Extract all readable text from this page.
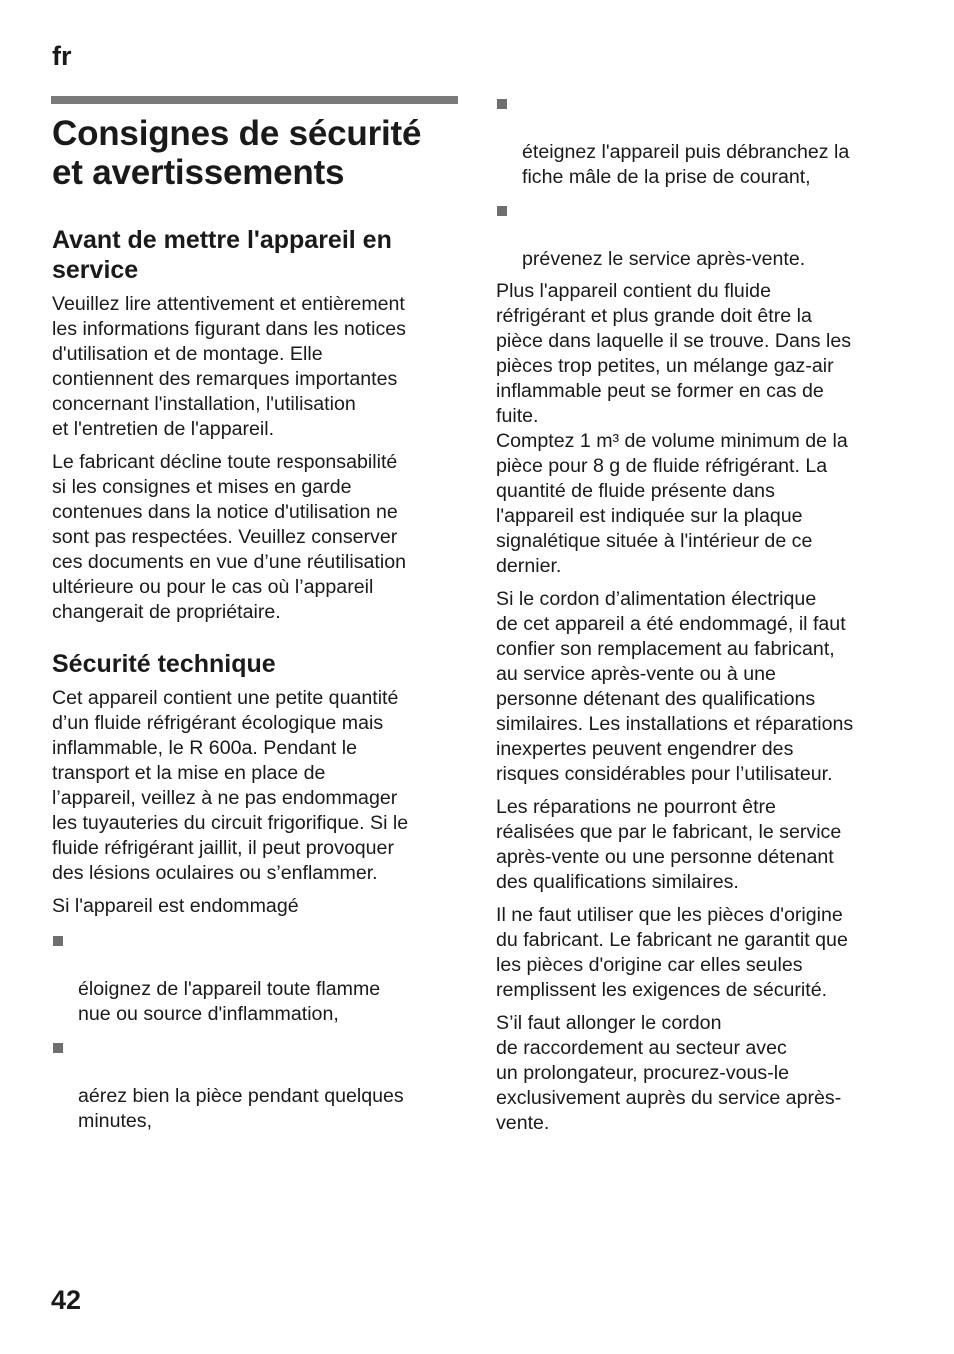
fr
Consignes de sécurité
et avertissements
Avant de mettre l'appareil en
service

Veuillez lire attentivement et entièrement
les informations figurant dans les notices
d'utilisation et de montage. Elle
contiennent des remarques importantes
concernant l'installation, l'utilisation
et l'entretien de l'appareil.

Le fabricant décline toute responsabilité
si les consignes et mises en garde
contenues dans la notice d'utilisation ne
sont pas respectées. Veuillez conserver
ces documents en vue d’une réutilisation
ultérieure ou pour le cas où l’appareil
changerait de propriétaire.

Sécurité technique

Cet appareil contient une petite quantité
d’un fluide réfrigérant écologique mais
inflammable, le R 600a. Pendant le
transport et la mise en place de
l’appareil, veillez à ne pas endommager
les tuyauteries du circuit frigorifique. Si le
fluide réfrigérant jaillit, il peut provoquer
des lésions oculaires ou s’enflammer.

Si l'appareil est endommagé

éloignez de l'appareil toute flamme
nue ou source d'inflammation,

aérez bien la pièce pendant quelques
minutes,

éteignez l'appareil puis débranchez la
fiche mâle de la prise de courant,

prévenez le service après-vente.

Plus l'appareil contient du fluide
réfrigérant et plus grande doit être la
pièce dans laquelle il se trouve. Dans les
pièces trop petites, un mélange gaz-air
inflammable peut se former en cas de
fuite.

Comptez 1 m³ de volume minimum de la
pièce pour 8 g de fluide réfrigérant. La
quantité de fluide présente dans
l'appareil est indiquée sur la plaque
signalétique située à l'intérieur de ce
dernier.

Si le cordon d’alimentation électrique
de cet appareil a été endommagé, il faut
confier son remplacement au fabricant,
au service après-vente ou à une
personne détenant des qualifications
similaires. Les installations et réparations
inexpertes peuvent engendrer des
risques considérables pour l’utilisateur.

Les réparations ne pourront être
réalisées que par le fabricant, le service
après-vente ou une personne détenant
des qualifications similaires.

Il ne faut utiliser que les pièces d'origine
du fabricant. Le fabricant ne garantit que
les pièces d'origine car elles seules
remplissent les exigences de sécurité.

S’il faut allonger le cordon
de raccordement au secteur avec
un prolongateur, procurez-vous-le
exclusivement auprès du service après-
vente.

42
